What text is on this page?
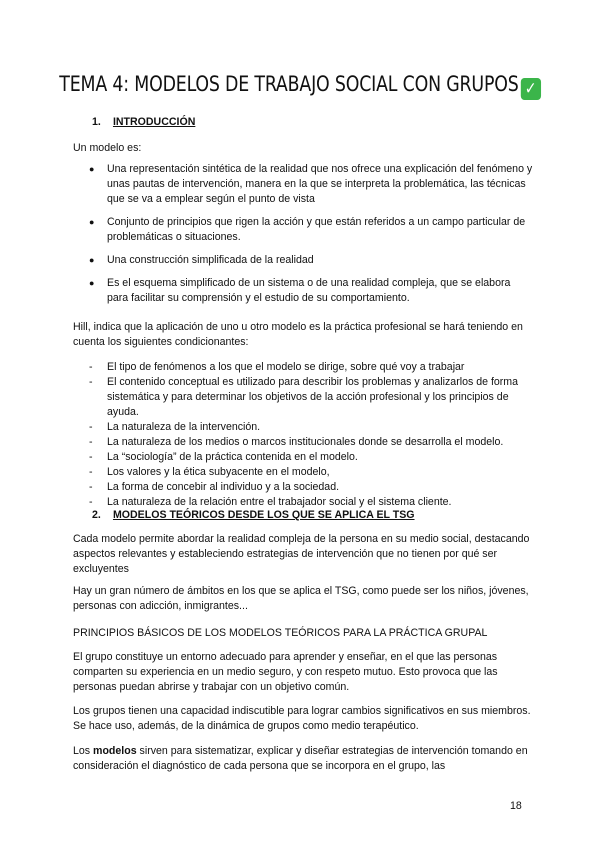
TEMA 4: MODELOS DE TRABAJO SOCIAL CON GRUPOS ✓
1. INTRODUCCIÓN
Un modelo es:
● Una representación sintética de la realidad que nos ofrece una explicación del fenómeno y unas pautas de intervención, manera en la que se interpreta la problemática, las técnicas que se va a emplear según el punto de vista
● Conjunto de principios que rigen la acción y que están referidos a un campo particular de problemáticas o situaciones.
● Una construcción simplificada de la realidad
● Es el esquema simplificado de un sistema o de una realidad compleja, que se elabora para facilitar su comprensión y el estudio de su comportamiento.
Hill, indica que la aplicación de uno u otro modelo es la práctica profesional se hará teniendo en cuenta los siguientes condicionantes:
- El tipo de fenómenos a los que el modelo se dirige, sobre qué voy a trabajar
- El contenido conceptual es utilizado para describir los problemas y analizarlos de forma sistemática y para determinar los objetivos de la acción profesional y los principios de ayuda.
- La naturaleza de la intervención.
- La naturaleza de los medios o marcos institucionales donde se desarrolla el modelo.
- La “sociología” de la práctica contenida en el modelo.
- Los valores y la ética subyacente en el modelo,
- La forma de concebir al individuo y a la sociedad.
- La naturaleza de la relación entre el trabajador social y el sistema cliente.
2. MODELOS TEÓRICOS DESDE LOS QUE SE APLICA EL TSG
Cada modelo permite abordar la realidad compleja de la persona en su medio social, destacando aspectos relevantes y estableciendo estrategias de intervención que no tienen por qué ser excluyentes
Hay un gran número de ámbitos en los que se aplica el TSG, como puede ser los niños, jóvenes, personas con adicción, inmigrantes...
PRINCIPIOS BÁSICOS DE LOS MODELOS TEÓRICOS PARA LA PRÁCTICA GRUPAL
El grupo constituye un entorno adecuado para aprender y enseñar, en el que las personas comparten su experiencia en un medio seguro, y con respeto mutuo. Esto provoca que las personas puedan abrirse y trabajar con un objetivo común.
Los grupos tienen una capacidad indiscutible para lograr cambios significativos en sus miembros. Se hace uso, además, de la dinámica de grupos como medio terapéutico.
Los modelos sirven para sistematizar, explicar y diseñar estrategias de intervención tomando en consideración el diagnóstico de cada persona que se incorpora en el grupo, las
18
